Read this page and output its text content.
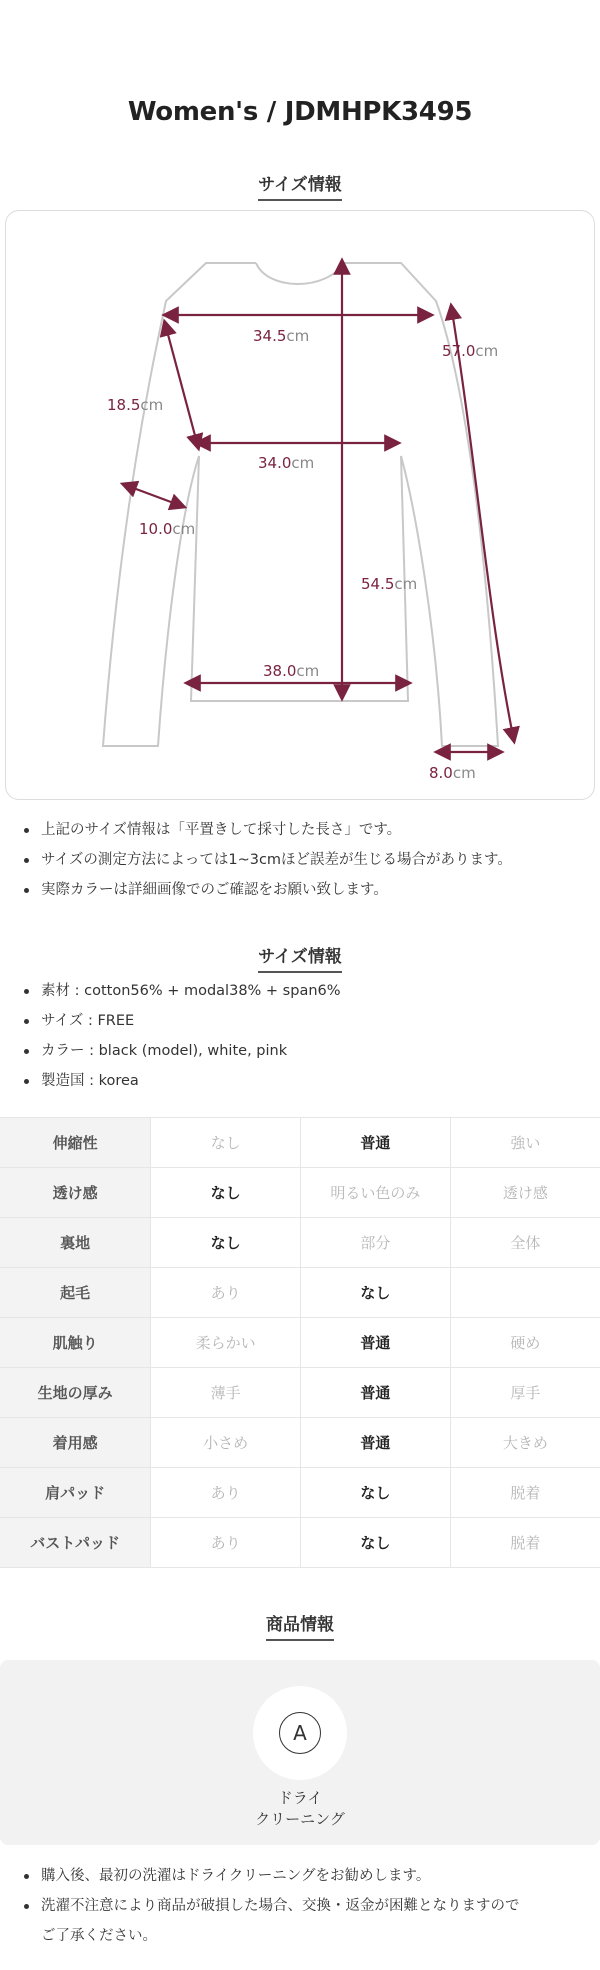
Women's / JDMHPK3495
サイズ情報
34.5cm
57.0cm
18.5cm
34.0cm
10.0cm
54.5cm
38.0cm
8.0cm
上記のサイズ情報は「平置きして採寸した長さ」です。
サイズの測定方法によっては1~3cmほど誤差が生じる場合があります。
実際カラーは詳細画像でのご確認をお願い致します。
サイズ情報
素材 : cotton56% + modal38% + span6%
サイズ : FREE
カラー : black (model), white, pink
製造国 : korea
伸縮性	なし	普通	強い
透け感	なし	明るい色のみ	透け感
裏地	なし	部分	全体
起毛	あり	なし	
肌触り	柔らかい	普通	硬め
生地の厚み	薄手	普通	厚手
着用感	小さめ	普通	大きめ
肩パッド	あり	なし	脱着
バストパッド	あり	なし	脱着
商品情報
A
ドライ
クリーニング
購入後、最初の洗濯はドライクリーニングをお勧めします。
洗濯不注意により商品が破損した場合、交換・返金が困難となりますので
ご了承ください。
